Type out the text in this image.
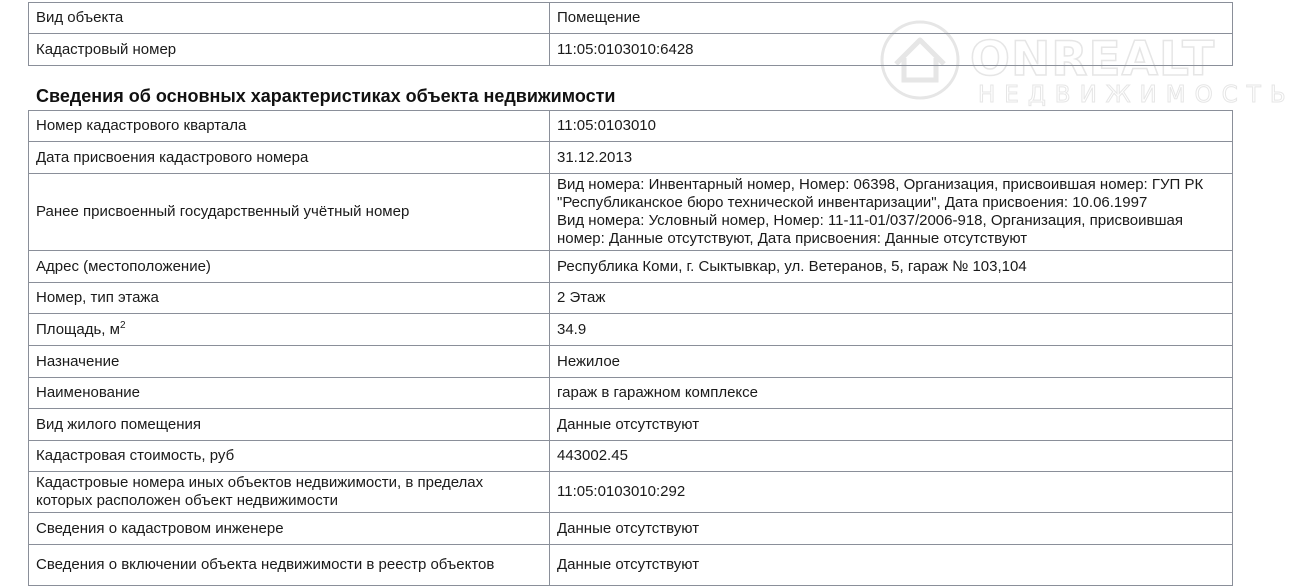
ONREALT
НЕДВИЖИМОСТЬ
Вид объекта	Помещение
Кадастровый номер	11:05:0103010:6428
Сведения об основных характеристиках объекта недвижимости
Номер кадастрового квартала	11:05:0103010
Дата присвоения кадастрового номера	31.12.2013
Ранее присвоенный государственный учётный номер	Вид номера: Инвентарный номер, Номер: 06398, Организация, присвоившая номер: ГУП РК
"Республиканское бюро технической инвентаризации", Дата присвоения: 10.06.1997
Вид номера: Условный номер, Номер: 11-11-01/037/2006-918, Организация, присвоившая
номер: Данные отсутствуют, Дата присвоения: Данные отсутствуют

Адрес (местоположение)	Республика Коми, г. Сыктывкар, ул. Ветеранов, 5, гараж № 103,104
Номер, тип этажа	2 Этаж
Площадь, $м^2$	34.9
Назначение	Нежилое
Наименование	гараж в гаражном комплексе
Вид жилого помещения	Данные отсутствуют
Кадастровая стоимость, руб	443002.45

Кадастровые номера иных объектов недвижимости, в пределах
которых расположен объект недвижимости	11:05:0103010:292
Сведения о кадастровом инженере	Данные отсутствуют

Сведения о включении объекта недвижимости в реестр объектов	Данные отсутствуют
